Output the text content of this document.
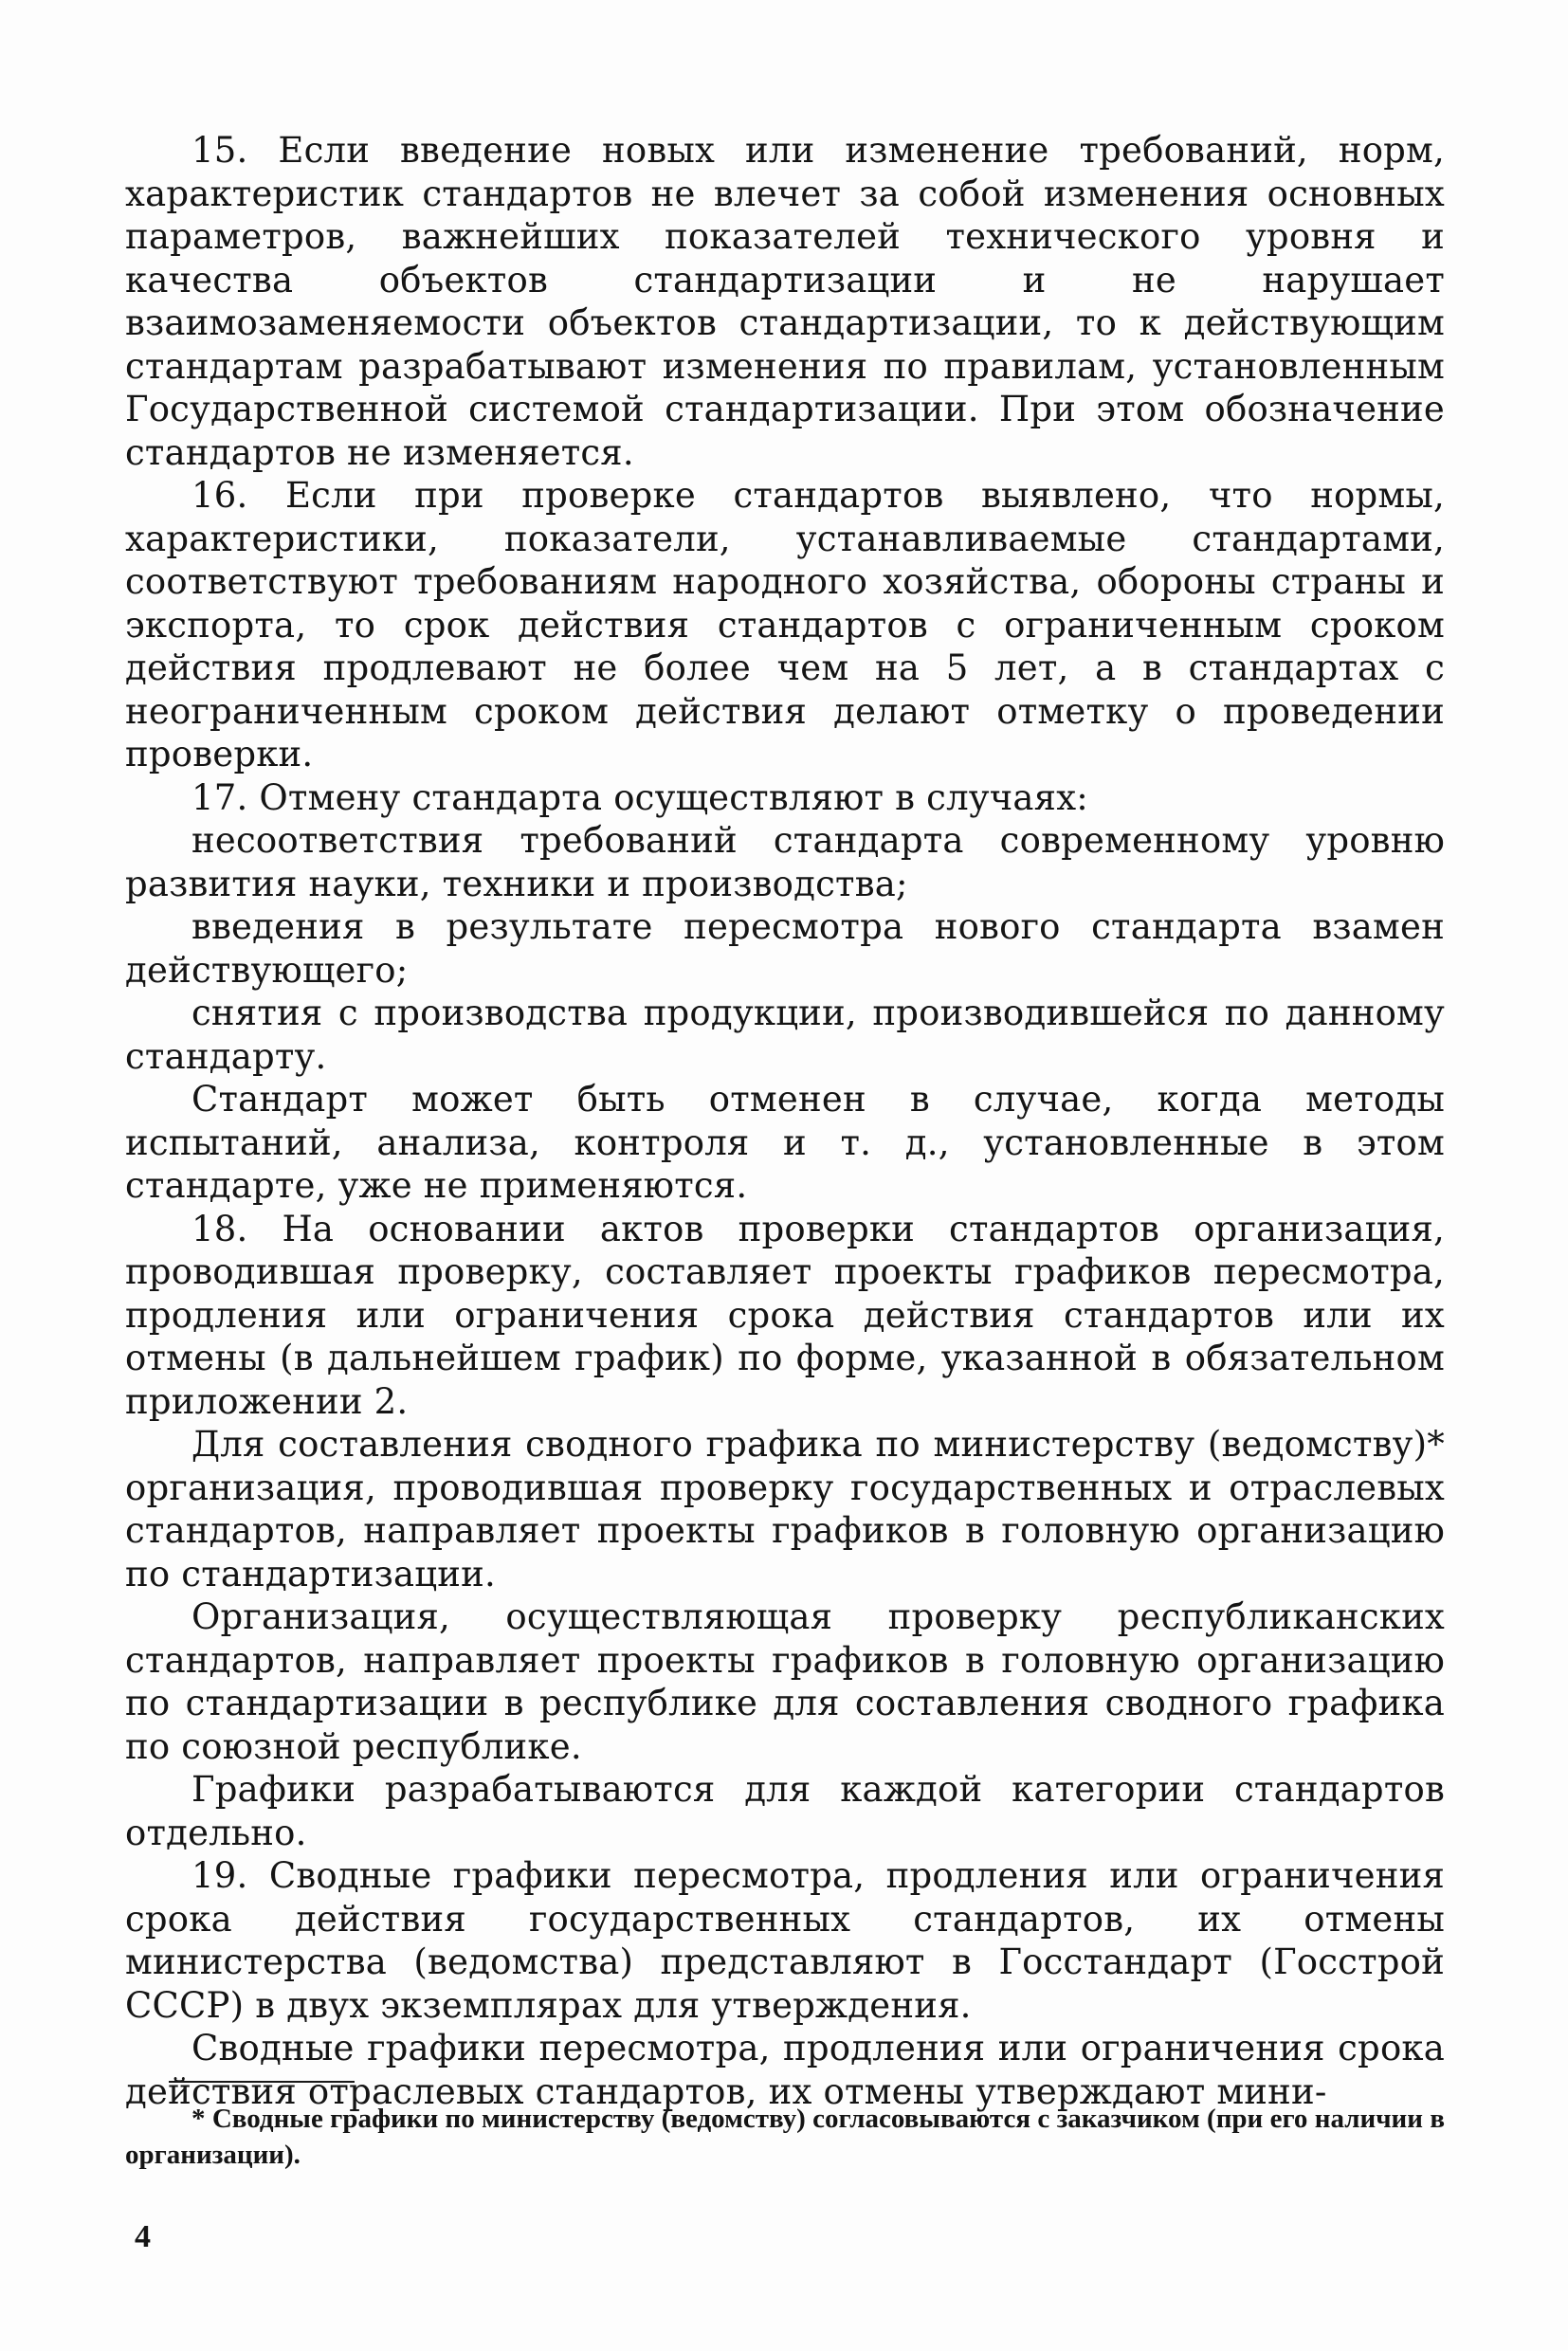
15. Если введение новых или изменение требований, норм, характеристик стандартов не влечет за собой изменения основных параметров, важнейших показателей технического уровня и качества объектов стандартизации и не нарушает взаимозаменяемости объектов стандартизации, то к действующим стандартам разрабатывают изменения по правилам, установленным Государственной системой стандартизации. При этом обозначение стандартов не изменяется.

16. Если при проверке стандартов выявлено, что нормы, характеристики, показатели, устанавливаемые стандартами, соответствуют требованиям народного хозяйства, обороны страны и экспорта, то срок действия стандартов с ограниченным сроком действия продлевают не более чем на 5 лет, а в стандартах с неограниченным сроком действия делают отметку о проведении проверки.

17. Отмену стандарта осуществляют в случаях:

несоответствия требований стандарта современному уровню развития науки, техники и производства;

введения в результате пересмотра нового стандарта взамен действующего;

снятия с производства продукции, производившейся по данному стандарту.

Стандарт может быть отменен в случае, когда методы испытаний, анализа, контроля и т. д., установленные в этом стандарте, уже не применяются.

18. На основании актов проверки стандартов организация, проводившая проверку, составляет проекты графиков пересмотра, продления или ограничения срока действия стандартов или их отмены (в дальнейшем график) по форме, указанной в обязательном приложении 2.

Для составления сводного графика по министерству (ведомству)* организация, проводившая проверку государственных и отраслевых стандартов, направляет проекты графиков в головную организацию по стандартизации.

Организация, осуществляющая проверку республиканских стандартов, направляет проекты графиков в головную организацию по стандартизации в республике для составления сводного графика по союзной республике.

Графики разрабатываются для каждой категории стандартов отдельно.

19. Сводные графики пересмотра, продления или ограничения срока действия государственных стандартов, их отмены министерства (ведомства) представляют в Госстандарт (Госстрой СССР) в двух экземплярах для утверждения.

Сводные графики пересмотра, продления или ограничения срока действия отраслевых стандартов, их отмены утверждают мини-

* Сводные графики по министерству (ведомству) согласовываются с заказчиком (при его наличии в организации).

4
